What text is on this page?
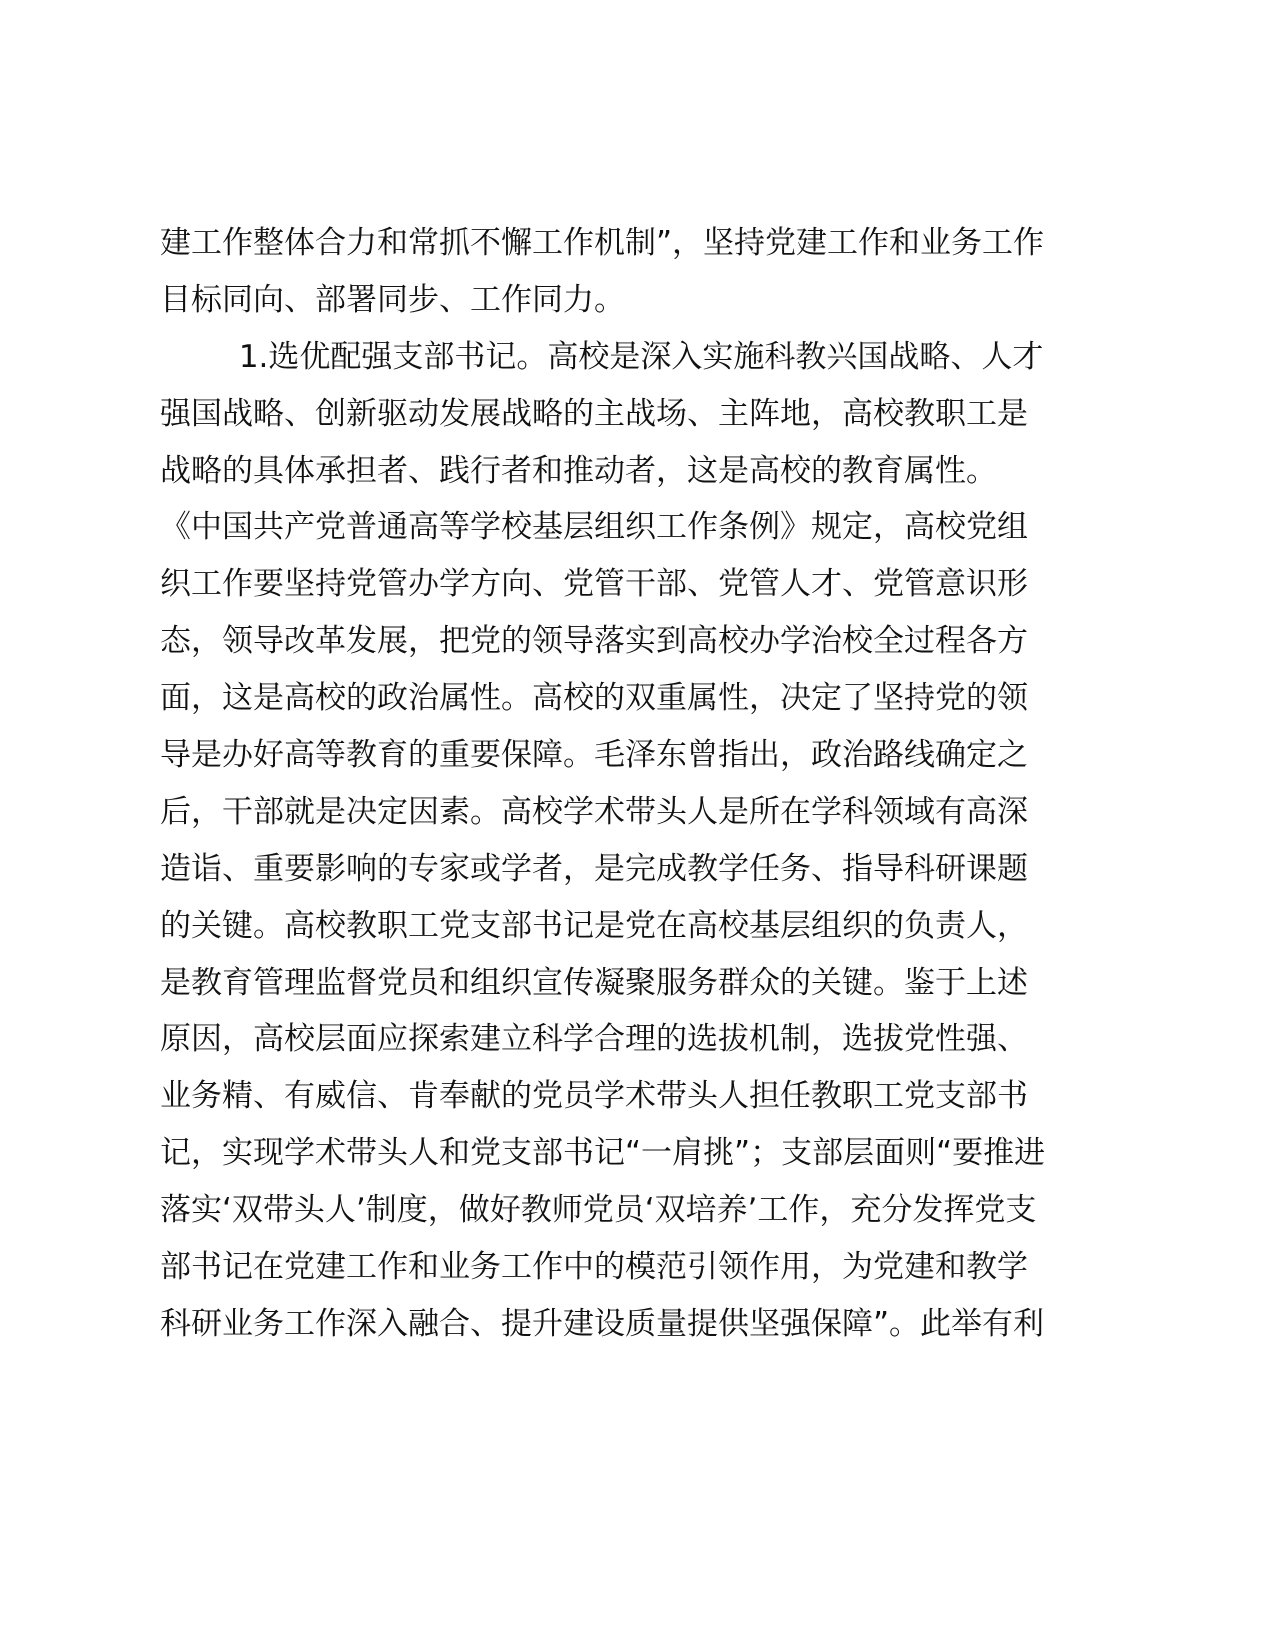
建工作整体合力和常抓不懈工作机制”，坚持党建工作和业务工作
目标同向、部署同步、工作同力。
1.选优配强支部书记。高校是深入实施科教兴国战略、人才
强国战略、创新驱动发展战略的主战场、主阵地，高校教职工是
战略的具体承担者、践行者和推动者，这是高校的教育属性。
《中国共产党普通高等学校基层组织工作条例》规定，高校党组
织工作要坚持党管办学方向、党管干部、党管人才、党管意识形
态，领导改革发展，把党的领导落实到高校办学治校全过程各方
面，这是高校的政治属性。高校的双重属性，决定了坚持党的领
导是办好高等教育的重要保障。毛泽东曾指出，政治路线确定之
后，干部就是决定因素。高校学术带头人是所在学科领域有高深
造诣、重要影响的专家或学者，是完成教学任务、指导科研课题
的关键。高校教职工党支部书记是党在高校基层组织的负责人，
是教育管理监督党员和组织宣传凝聚服务群众的关键。鉴于上述
原因，高校层面应探索建立科学合理的选拔机制，选拔党性强、
业务精、有威信、肯奉献的党员学术带头人担任教职工党支部书
记，实现学术带头人和党支部书记“一肩挑”；支部层面则“要推进
落实‘双带头人’制度，做好教师党员‘双培养’工作，充分发挥党支
部书记在党建工作和业务工作中的模范引领作用，为党建和教学
科研业务工作深入融合、提升建设质量提供坚强保障”。此举有利
